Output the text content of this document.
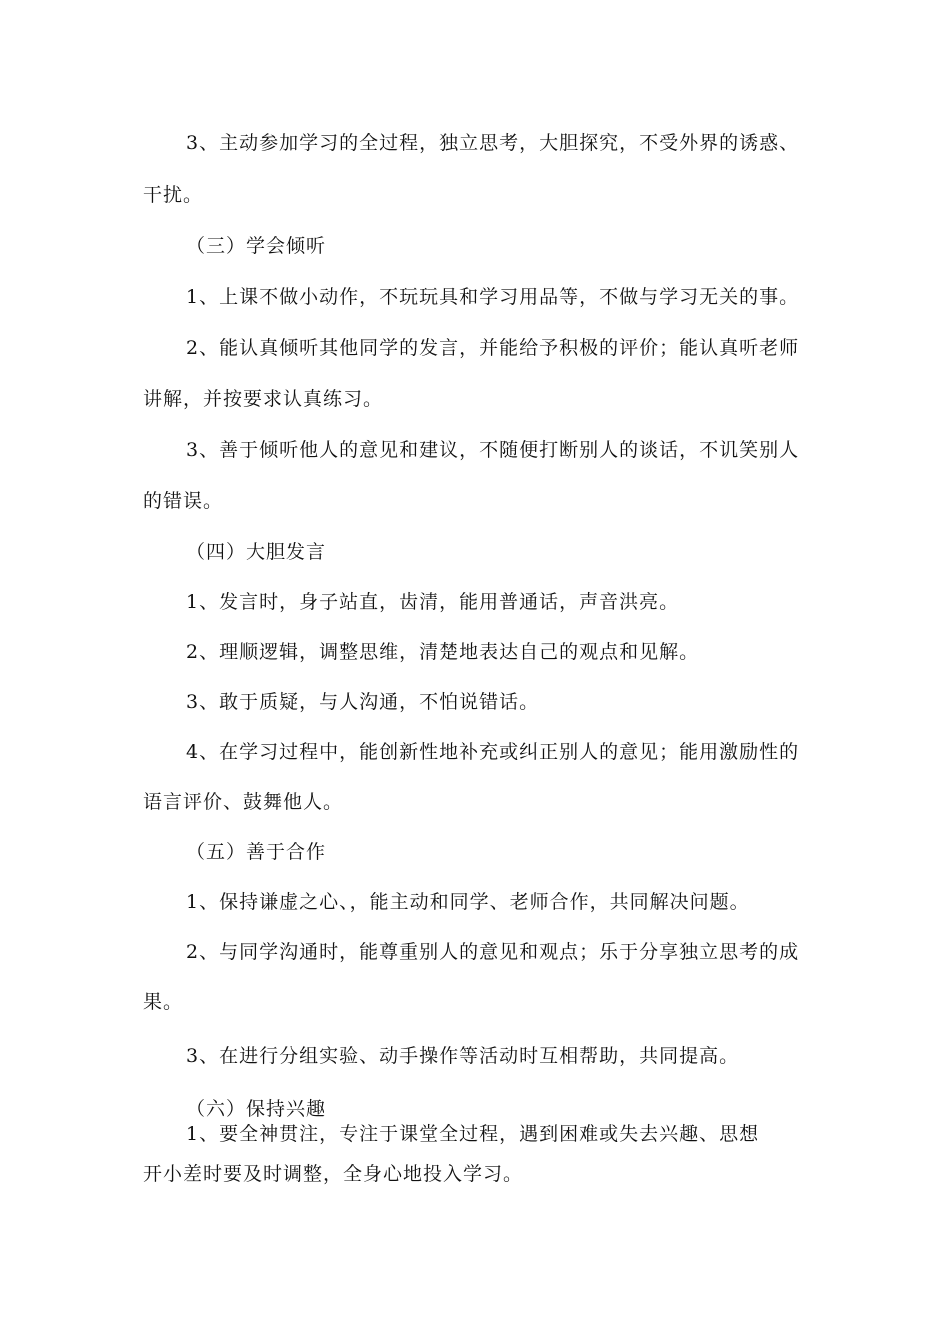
3、主动参加学习的全过程，独立思考，大胆探究，不受外界的诱惑、
干扰。
（三）学会倾听
1、上课不做小动作，不玩玩具和学习用品等，不做与学习无关的事。
2、能认真倾听其他同学的发言，并能给予积极的评价；能认真听老师
讲解，并按要求认真练习。
3、善于倾听他人的意见和建议，不随便打断别人的谈话，不讥笑别人
的错误。
（四）大胆发言
1、发言时，身子站直，齿清，能用普通话，声音洪亮。
2、理顺逻辑，调整思维，清楚地表达自己的观点和见解。
3、敢于质疑，与人沟通，不怕说错话。
4、在学习过程中，能创新性地补充或纠正别人的意见；能用激励性的
语言评价、鼓舞他人。
（五）善于合作
1、保持谦虚之心、，能主动和同学、老师合作，共同解决问题。
2、与同学沟通时，能尊重别人的意见和观点；乐于分享独立思考的成
果。
3、在进行分组实验、动手操作等活动时互相帮助，共同提高。
（六）保持兴趣
1、要全神贯注，专注于课堂全过程，遇到困难或失去兴趣、思想
开小差时要及时调整，全身心地投入学习。
